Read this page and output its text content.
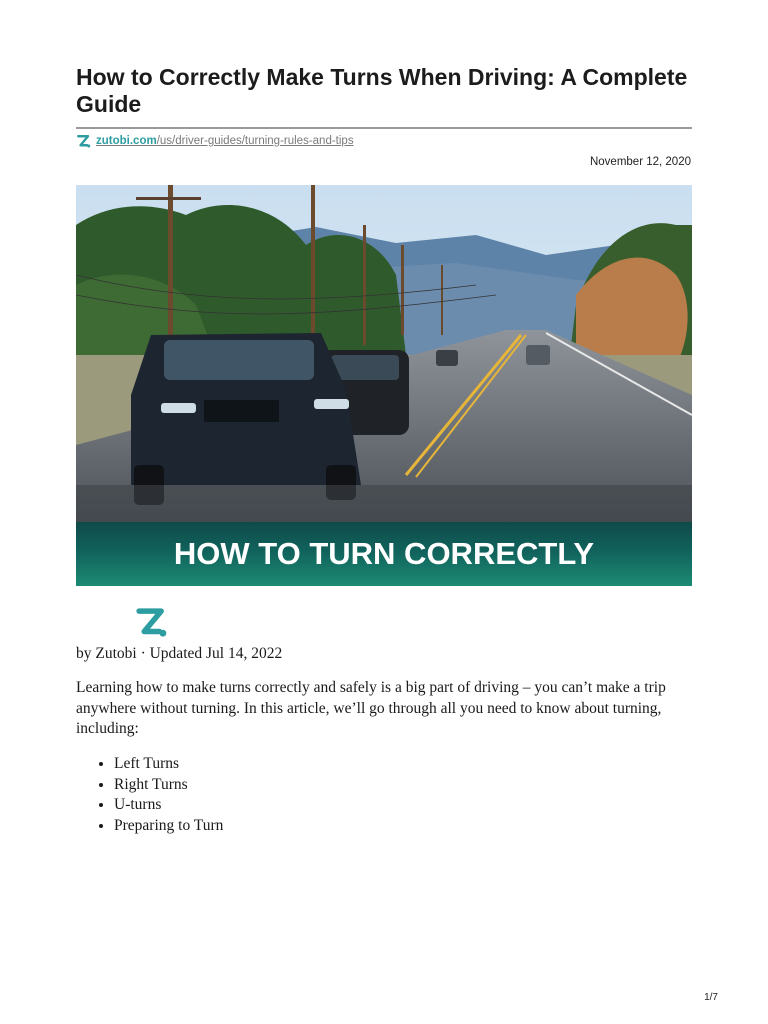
How to Correctly Make Turns When Driving: A Complete Guide
zutobi.com/us/driver-guides/turning-rules-and-tips
November 12, 2020
HOW TO TURN CORRECTLY
by Zutobi · Updated Jul 14, 2022

Learning how to make turns correctly and safely is a big part of driving – you can’t make a trip anywhere without turning. In this article, we’ll go through all you need to know about turning, including:

• Left Turns
• Right Turns
• U-turns
• Preparing to Turn
1/7
